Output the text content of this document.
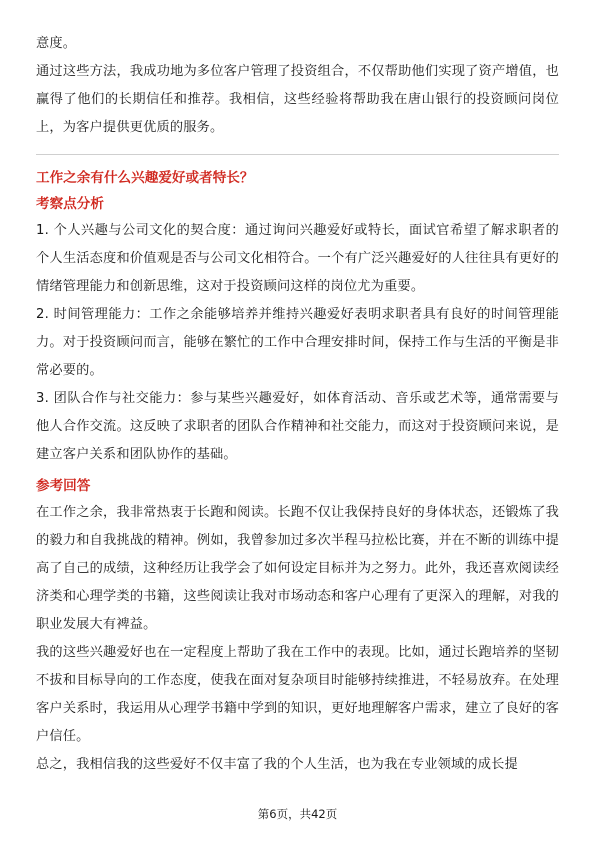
意度。

通过这些方法，我成功地为多位客户管理了投资组合，不仅帮助他们实现了资产增值，也赢得了他们的长期信任和推荐。我相信，这些经验将帮助我在唐山银行的投资顾问岗位上，为客户提供更优质的服务。

工作之余有什么兴趣爱好或者特长？

考察点分析

1. 个人兴趣与公司文化的契合度：通过询问兴趣爱好或特长，面试官希望了解求职者的个人生活态度和价值观是否与公司文化相符合。一个有广泛兴趣爱好的人往往具有更好的情绪管理能力和创新思维，这对于投资顾问这样的岗位尤为重要。

2. 时间管理能力：工作之余能够培养并维持兴趣爱好表明求职者具有良好的时间管理能力。对于投资顾问而言，能够在繁忙的工作中合理安排时间，保持工作与生活的平衡是非常必要的。

3. 团队合作与社交能力：参与某些兴趣爱好，如体育活动、音乐或艺术等，通常需要与他人合作交流。这反映了求职者的团队合作精神和社交能力，而这对于投资顾问来说，是建立客户关系和团队协作的基础。

参考回答

在工作之余，我非常热衷于长跑和阅读。长跑不仅让我保持良好的身体状态，还锻炼了我的毅力和自我挑战的精神。例如，我曾参加过多次半程马拉松比赛，并在不断的训练中提高了自己的成绩，这种经历让我学会了如何设定目标并为之努力。此外，我还喜欢阅读经济类和心理学类的书籍，这些阅读让我对市场动态和客户心理有了更深入的理解，对我的职业发展大有裨益。

我的这些兴趣爱好也在一定程度上帮助了我在工作中的表现。比如，通过长跑培养的坚韧不拔和目标导向的工作态度，使我在面对复杂项目时能够持续推进，不轻易放弃。在处理客户关系时，我运用从心理学书籍中学到的知识，更好地理解客户需求，建立了良好的客户信任。

总之，我相信我的这些爱好不仅丰富了我的个人生活，也为我在专业领域的成长提

第6页，共42页
